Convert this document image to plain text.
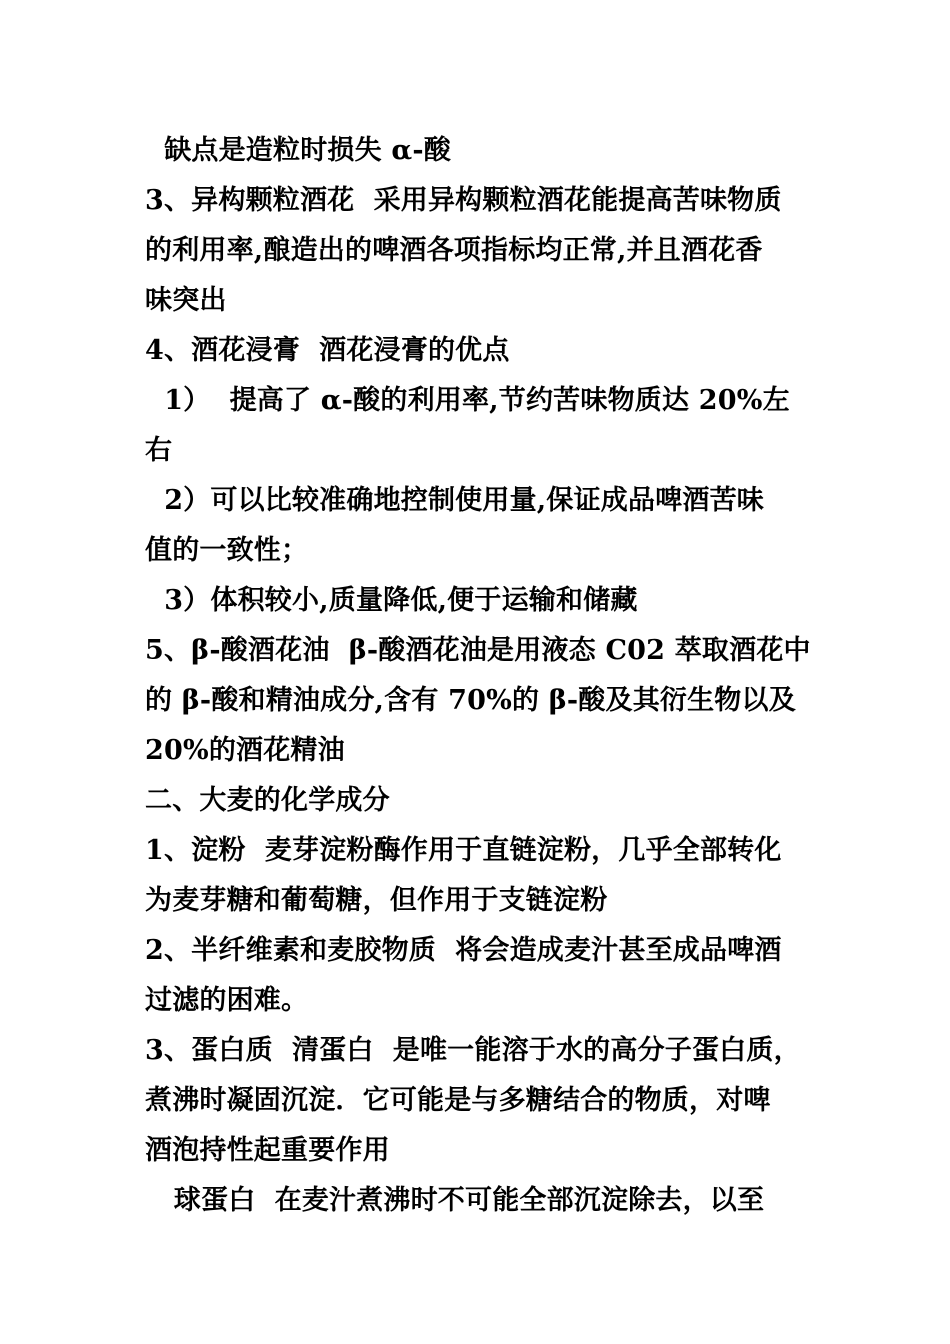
缺点是造粒时损失 α-酸
3、异构颗粒酒花  采用异构颗粒酒花能提高苦味物质
的利用率,酿造出的啤酒各项指标均正常,并且酒花香
味突出
4、酒花浸膏  酒花浸膏的优点
1）  提高了 α-酸的利用率,节约苦味物质达 20%左
右
2）可以比较准确地控制使用量,保证成品啤酒苦味
值的一致性；
3）体积较小,质量降低,便于运输和储藏
5、β-酸酒花油  β-酸酒花油是用液态 C02 萃取酒花中
的 β-酸和精油成分,含有 70%的 β-酸及其衍生物以及
20%的酒花精油
二、大麦的化学成分
1、淀粉  麦芽淀粉酶作用于直链淀粉，几乎全部转化
为麦芽糖和葡萄糖，但作用于支链淀粉
2、半纤维素和麦胶物质  将会造成麦汁甚至成品啤酒
过滤的困难。
3、蛋白质  清蛋白  是唯一能溶于水的高分子蛋白质，
煮沸时凝固沉淀．它可能是与多糖结合的物质，对啤
酒泡持性起重要作用
球蛋白  在麦汁煮沸时不可能全部沉淀除去，以至
